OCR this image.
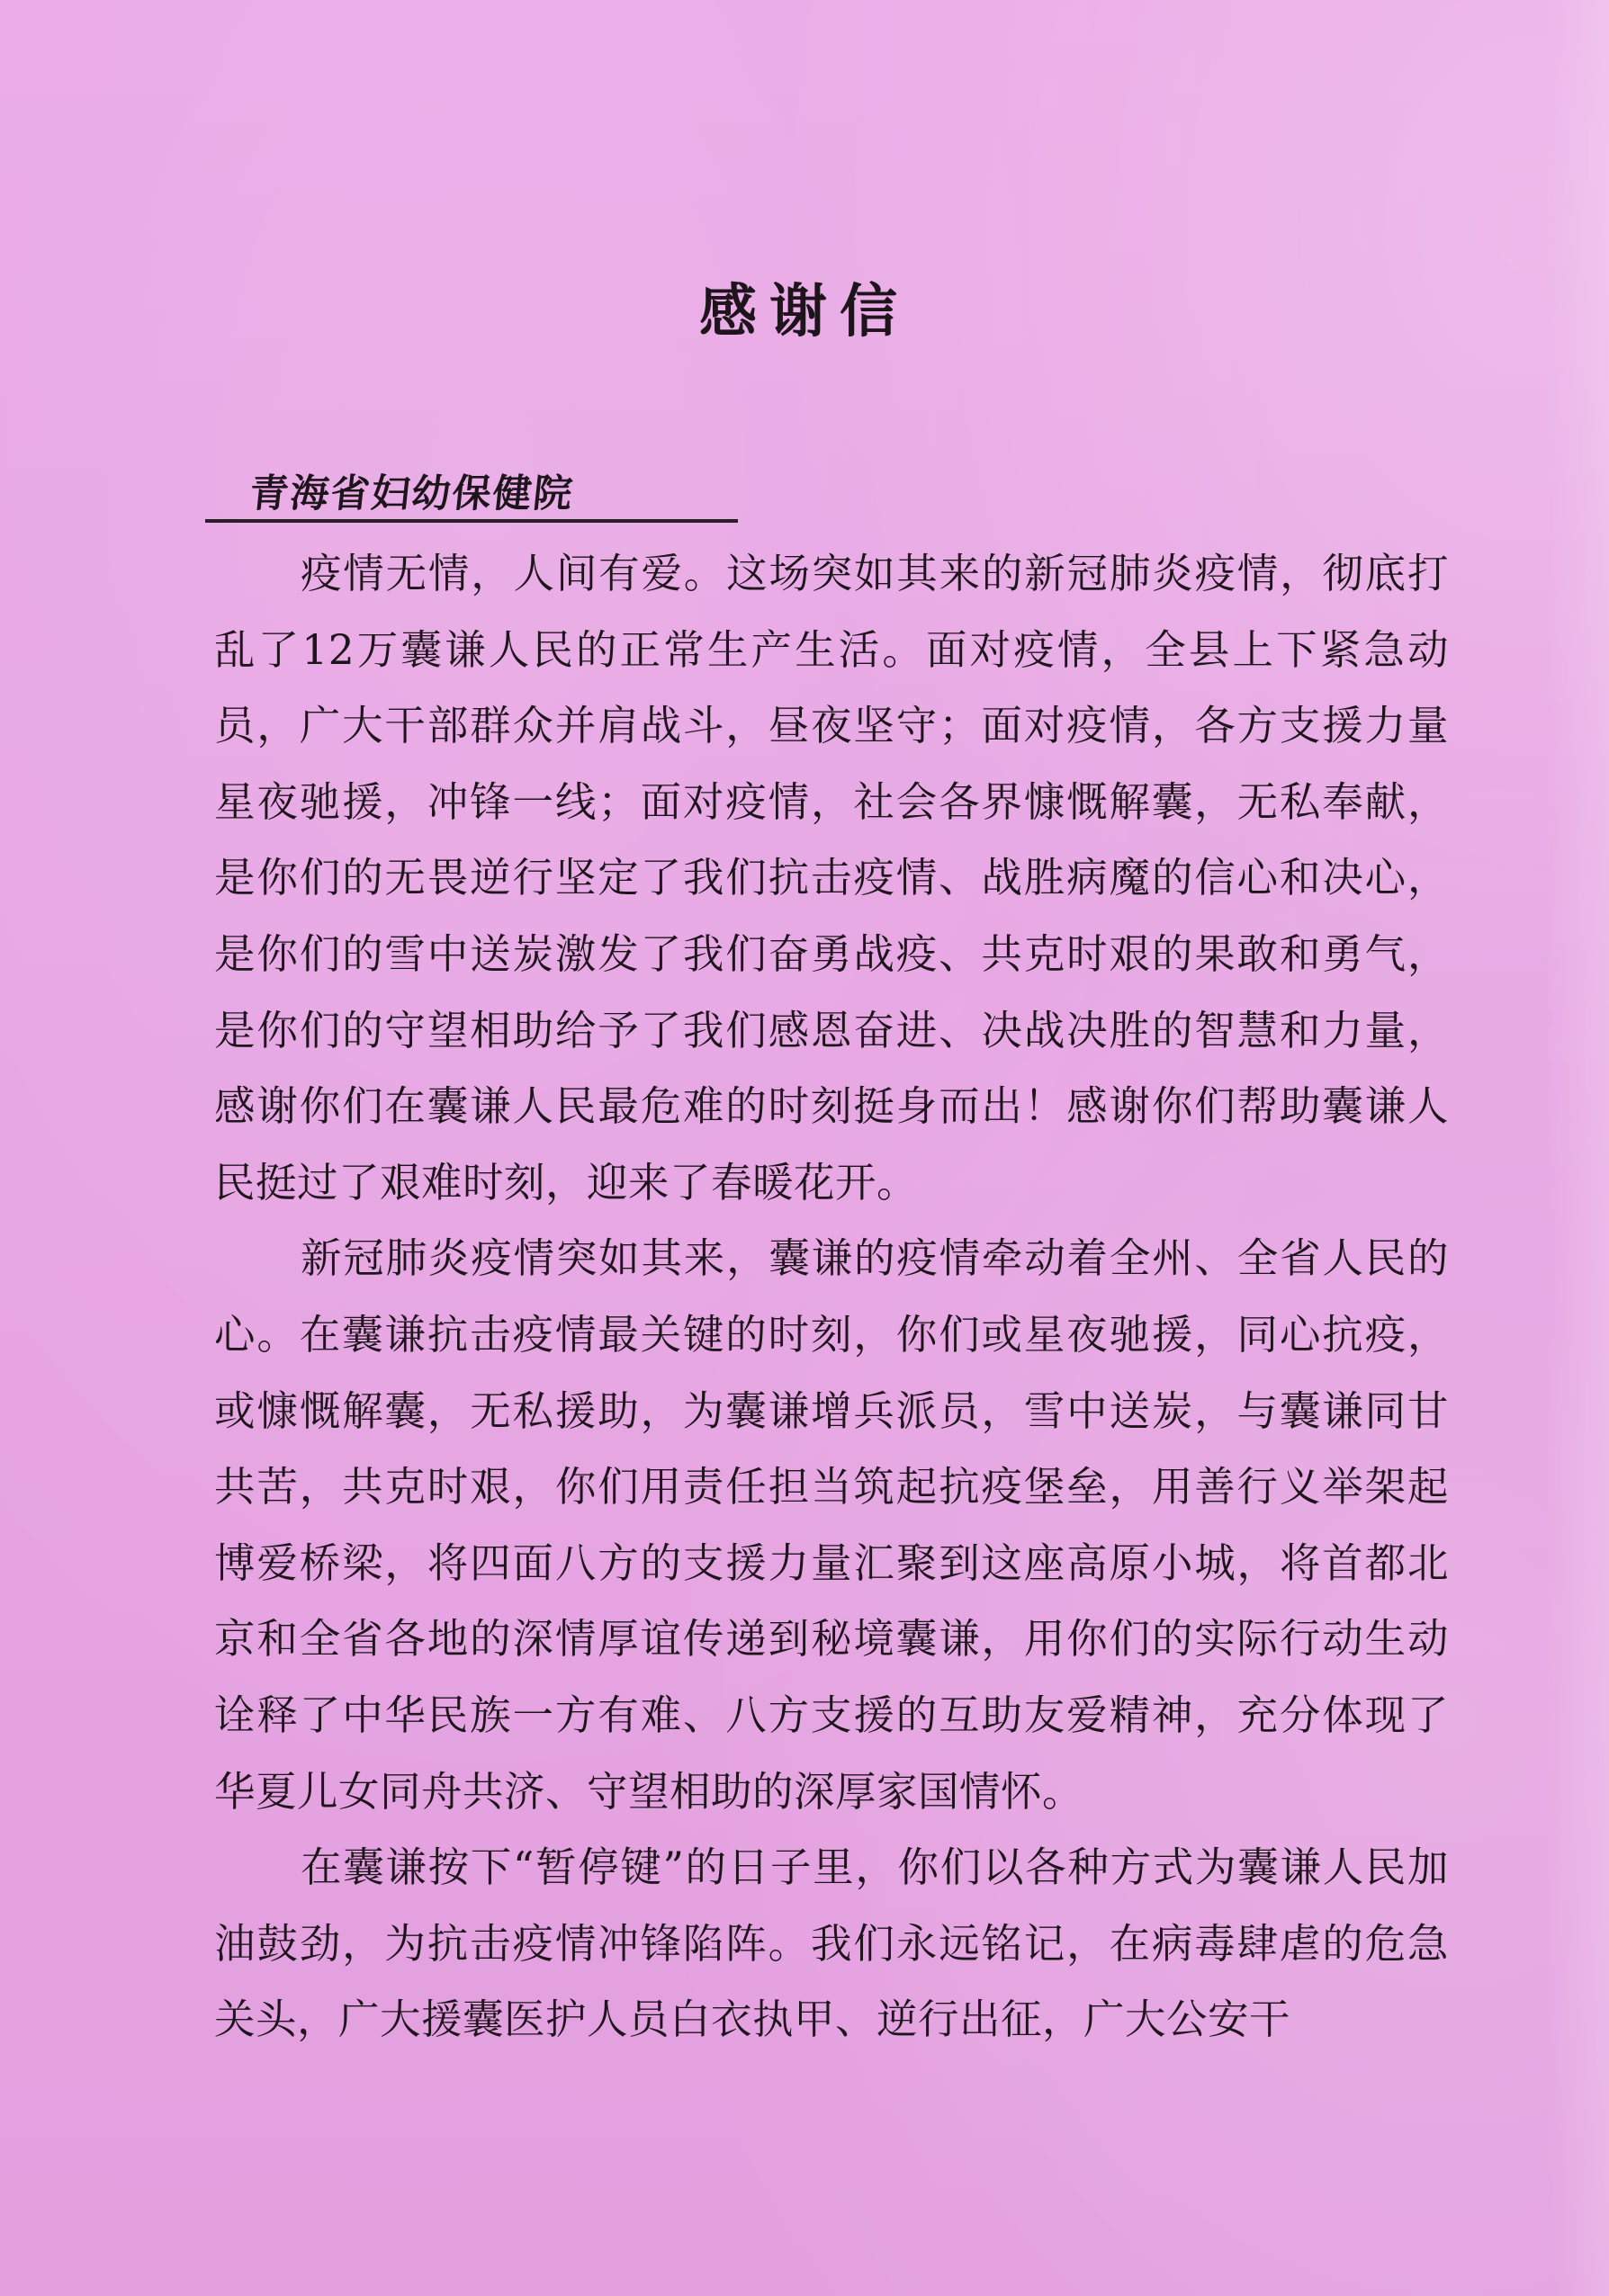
感谢信
青海省妇幼保健院

疫情无情，人间有爱。这场突如其来的新冠肺炎疫情，彻底打乱了12万囊谦人民的正常生产生活。面对疫情，全县上下紧急动员，广大干部群众并肩战斗，昼夜坚守；面对疫情，各方支援力量星夜驰援，冲锋一线；面对疫情，社会各界慷慨解囊，无私奉献，是你们的无畏逆行坚定了我们抗击疫情、战胜病魔的信心和决心，是你们的雪中送炭激发了我们奋勇战疫、共克时艰的果敢和勇气，是你们的守望相助给予了我们感恩奋进、决战决胜的智慧和力量，感谢你们在囊谦人民最危难的时刻挺身而出！感谢你们帮助囊谦人民挺过了艰难时刻，迎来了春暖花开。

新冠肺炎疫情突如其来，囊谦的疫情牵动着全州、全省人民的心。在囊谦抗击疫情最关键的时刻，你们或星夜驰援，同心抗疫，或慷慨解囊，无私援助，为囊谦增兵派员，雪中送炭，与囊谦同甘共苦，共克时艰，你们用责任担当筑起抗疫堡垒，用善行义举架起博爱桥梁，将四面八方的支援力量汇聚到这座高原小城，将首都北京和全省各地的深情厚谊传递到秘境囊谦，用你们的实际行动生动诠释了中华民族一方有难、八方支援的互助友爱精神，充分体现了华夏儿女同舟共济、守望相助的深厚家国情怀。

在囊谦按下“暂停键”的日子里，你们以各种方式为囊谦人民加油鼓劲，为抗击疫情冲锋陷阵。我们永远铭记，在病毒肆虐的危急关头，广大援囊医护人员白衣执甲、逆行出征，广大公安干
